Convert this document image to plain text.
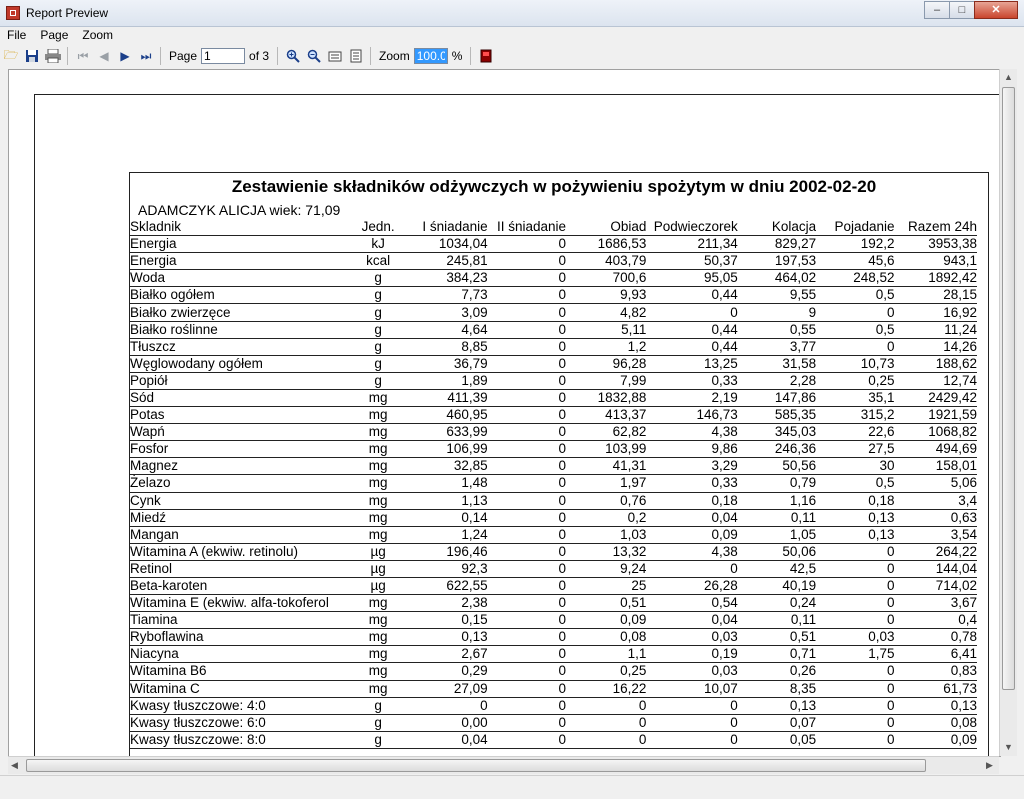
Report Preview	–	□	✕
File	Page	Zoom
🗁	⏮ ◀ ▶ ⏭	Page
1	of 3	Zoom
100.0	%
Zestawienie składników odżywczych w pożywieniu spożytym w dniu 2002-02-20
ADAMCZYK ALICJA wiek: 71,09
Skladnik	Jedn.	I śniadanie	II śniadanie	Obiad	Podwieczorek	Kolacja	Pojadanie	Razem 24h
Energia	kJ	1034,04	0	1686,53	211,34	829,27	192,2	3953,38
Energia	kcal	245,81	0	403,79	50,37	197,53	45,6	943,1
Woda	g	384,23	0	700,6	95,05	464,02	248,52	1892,42
Białko ogółem	g	7,73	0	9,93	0,44	9,55	0,5	28,15
Białko zwierzęce	g	3,09	0	4,82	0	9	0	16,92
Białko roślinne	g	4,64	0	5,11	0,44	0,55	0,5	11,24
Tłuszcz	g	8,85	0	1,2	0,44	3,77	0	14,26
Węglowodany ogółem	g	36,79	0	96,28	13,25	31,58	10,73	188,62
Popiół	g	1,89	0	7,99	0,33	2,28	0,25	12,74
Sód	mg	411,39	0	1832,88	2,19	147,86	35,1	2429,42
Potas	mg	460,95	0	413,37	146,73	585,35	315,2	1921,59
Wapń	mg	633,99	0	62,82	4,38	345,03	22,6	1068,82
Fosfor	mg	106,99	0	103,99	9,86	246,36	27,5	494,69
Magnez	mg	32,85	0	41,31	3,29	50,56	30	158,01
Żelazo	mg	1,48	0	1,97	0,33	0,79	0,5	5,06
Cynk	mg	1,13	0	0,76	0,18	1,16	0,18	3,4
Miedź	mg	0,14	0	0,2	0,04	0,11	0,13	0,63
Mangan	mg	1,24	0	1,03	0,09	1,05	0,13	3,54
Witamina A (ekwiw. retinolu)	µg	196,46	0	13,32	4,38	50,06	0	264,22
Retinol	µg	92,3	0	9,24	0	42,5	0	144,04
Beta-karoten	µg	622,55	0	25	26,28	40,19	0	714,02
Witamina E (ekwiw. alfa-tokoferol	mg	2,38	0	0,51	0,54	0,24	0	3,67
Tiamina	mg	0,15	0	0,09	0,04	0,11	0	0,4
Ryboflawina	mg	0,13	0	0,08	0,03	0,51	0,03	0,78
Niacyna	mg	2,67	0	1,1	0,19	0,71	1,75	6,41
Witamina B6	mg	0,29	0	0,25	0,03	0,26	0	0,83
Witamina C	mg	27,09	0	16,22	10,07	8,35	0	61,73
Kwasy tłuszczowe: 4:0	g	0	0	0	0	0,13	0	0,13
Kwasy tłuszczowe: 6:0	g	0,00	0	0	0	0,07	0	0,08
Kwasy tłuszczowe: 8:0	g	0,04	0	0	0	0,05	0	0,09
▲
▼
◀	▶
